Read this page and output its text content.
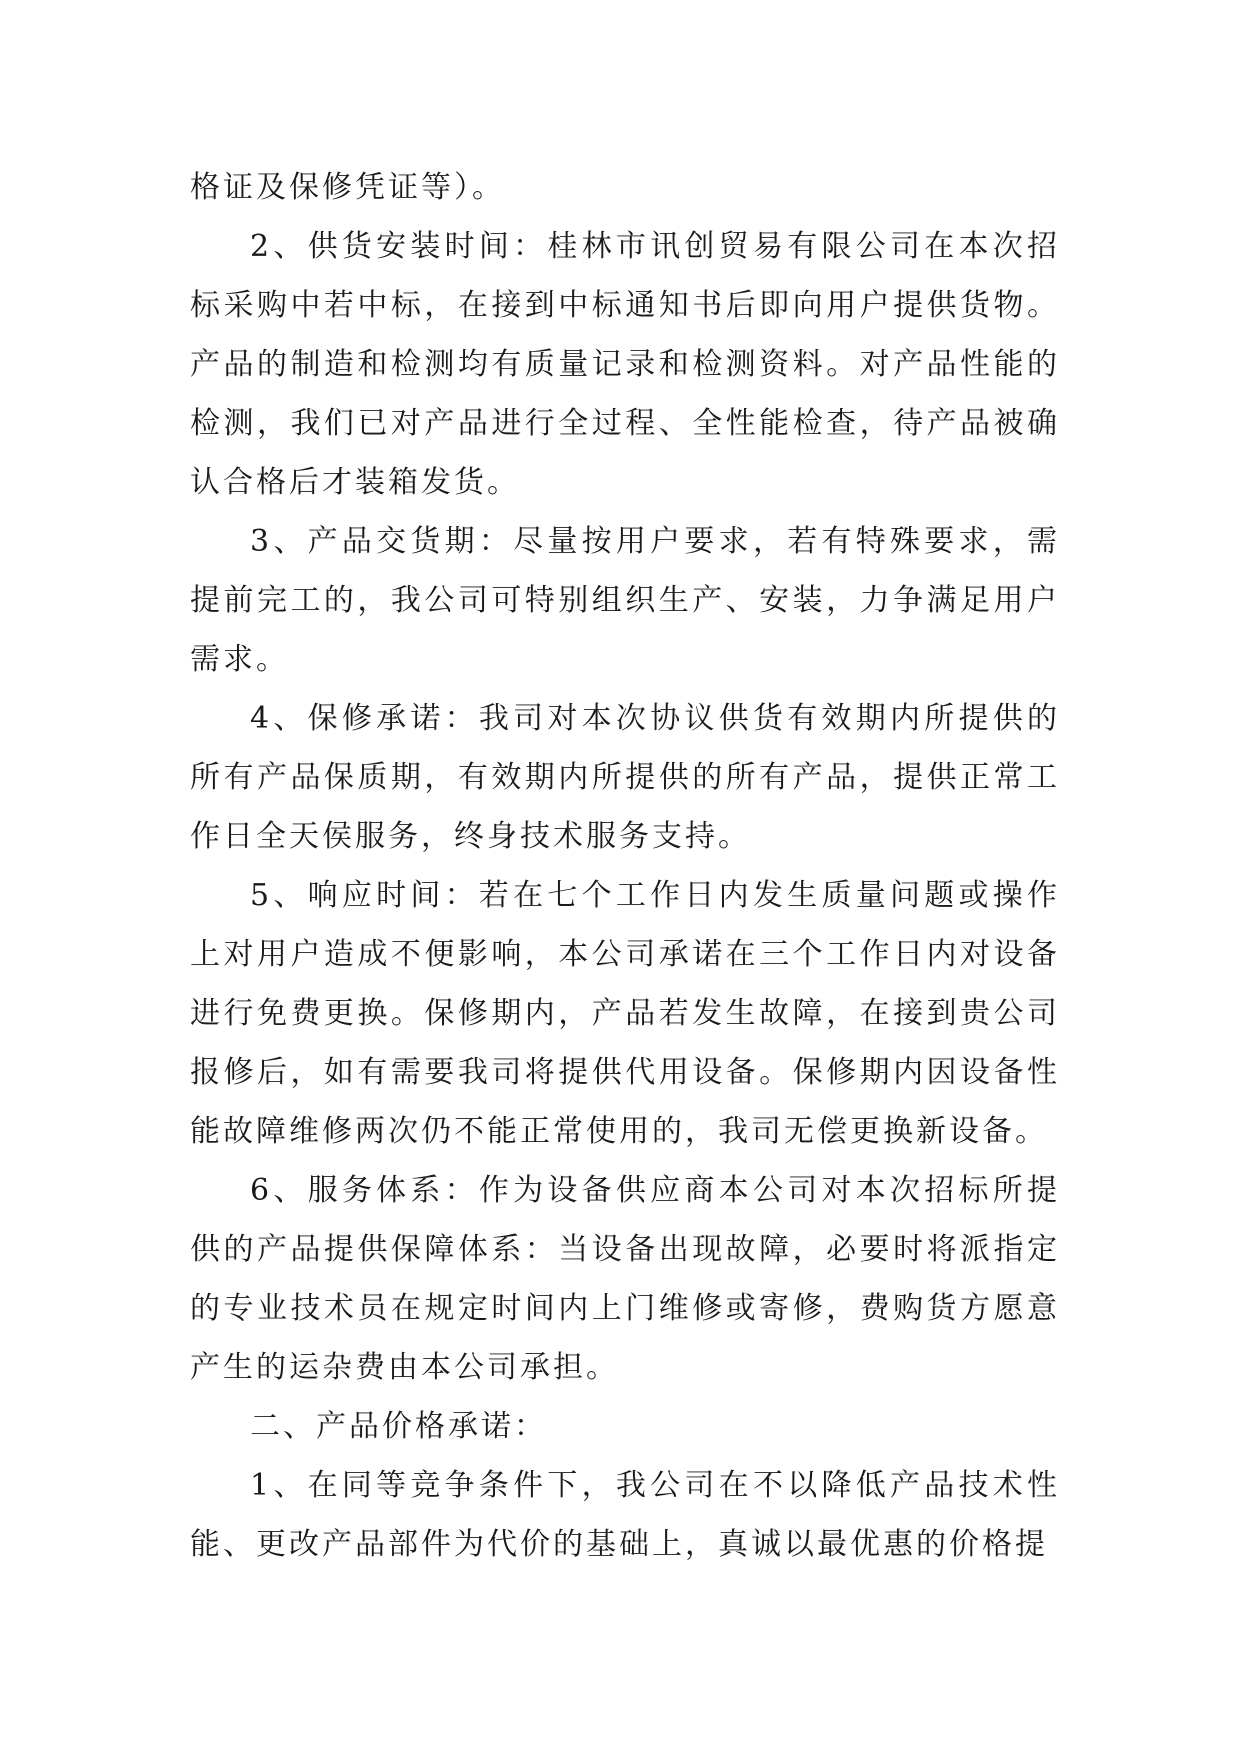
格证及保修凭证等）。

2、供货安装时间：桂林市讯创贸易有限公司在本次招标采购中若中标，在接到中标通知书后即向用户提供货物。产品的制造和检测均有质量记录和检测资料。对产品性能的检测，我们已对产品进行全过程、全性能检查，待产品被确认合格后才装箱发货。

3、产品交货期：尽量按用户要求，若有特殊要求，需提前完工的，我公司可特别组织生产、安装，力争满足用户需求。

4、保修承诺：我司对本次协议供货有效期内所提供的所有产品保质期，有效期内所提供的所有产品，提供正常工作日全天侯服务，终身技术服务支持。

5、响应时间：若在七个工作日内发生质量问题或操作上对用户造成不便影响，本公司承诺在三个工作日内对设备进行免费更换。保修期内，产品若发生故障，在接到贵公司报修后，如有需要我司将提供代用设备。保修期内因设备性能故障维修两次仍不能正常使用的，我司无偿更换新设备。

6、服务体系：作为设备供应商本公司对本次招标所提供的产品提供保障体系：当设备出现故障，必要时将派指定的专业技术员在规定时间内上门维修或寄修，费购货方愿意产生的运杂费由本公司承担。

二、产品价格承诺：

1、在同等竞争条件下，我公司在不以降低产品技术性能、更改产品部件为代价的基础上，真诚以最优惠的价格提
